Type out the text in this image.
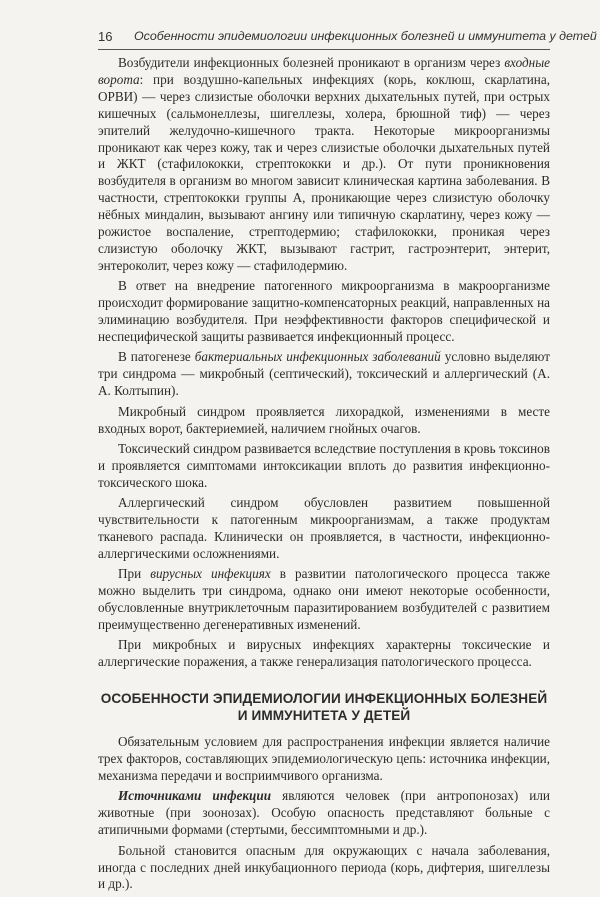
16 Особенности эпидемиологии инфекционных болезней и иммунитета у детей

Возбудители инфекционных болезней проникают в организм через входные ворота: при воздушно-капельных инфекциях (корь, коклюш, скарлатина, ОРВИ) — через слизистые оболочки верхних дыхательных путей, при острых кишечных (сальмонеллезы, шигеллезы, холера, брюшной тиф) — через эпителий желудочно-кишечного тракта. Некоторые микроорганизмы проникают как через кожу, так и через слизистые оболочки дыхательных путей и ЖКТ (стафилококки, стрептококки и др.). От пути проникновения возбудителя в организм во многом зависит клиническая картина заболевания. В частности, стрептококки группы А, проникающие через слизистую оболочку нёбных миндалин, вызывают ангину или типичную скарлатину, через кожу — рожистое воспаление, стрептодермию; стафилококки, проникая через слизистую оболочку ЖКТ, вызывают гастрит, гастроэнтерит, энтерит, энтероколит, через кожу — стафилодермию.

В ответ на внедрение патогенного микроорганизма в макроорганизме происходит формирование защитно-компенсаторных реакций, направленных на элиминацию возбудителя. При неэффективности факторов специфической и неспецифической защиты развивается инфекционный процесс.

В патогенезе бактериальных инфекционных заболеваний условно выделяют три синдрома — микробный (септический), токсический и аллергический (А. А. Колтыпин).

Микробный синдром проявляется лихорадкой, изменениями в месте входных ворот, бактериемией, наличием гнойных очагов.

Токсический синдром развивается вследствие поступления в кровь токсинов и проявляется симптомами интоксикации вплоть до развития инфекционно-токсического шока.

Аллергический синдром обусловлен развитием повышенной чувствительности к патогенным микроорганизмам, а также продуктам тканевого распада. Клинически он проявляется, в частности, инфекционно-аллергическими осложнениями.

При вирусных инфекциях в развитии патологического процесса также можно выделить три синдрома, однако они имеют некоторые особенности, обусловленные внутриклеточным паразитированием возбудителей с развитием преимущественно дегенеративных изменений.

При микробных и вирусных инфекциях характерны токсические и аллергические поражения, а также генерализация патологического процесса.

ОСОБЕННОСТИ ЭПИДЕМИОЛОГИИ ИНФЕКЦИОННЫХ БОЛЕЗНЕЙ
И ИММУНИТЕТА У ДЕТЕЙ

Обязательным условием для распространения инфекции является наличие трех факторов, составляющих эпидемиологическую цепь: источника инфекции, механизма передачи и восприимчивого организма.

Источниками инфекции являются человек (при антропонозах) или животные (при зоонозах). Особую опасность представляют больные с атипичными формами (стертыми, бессимптомными и др.).

Больной становится опасным для окружающих с начала заболевания, иногда с последних дней инкубационного периода (корь, дифтерия, шигеллезы и др.).
